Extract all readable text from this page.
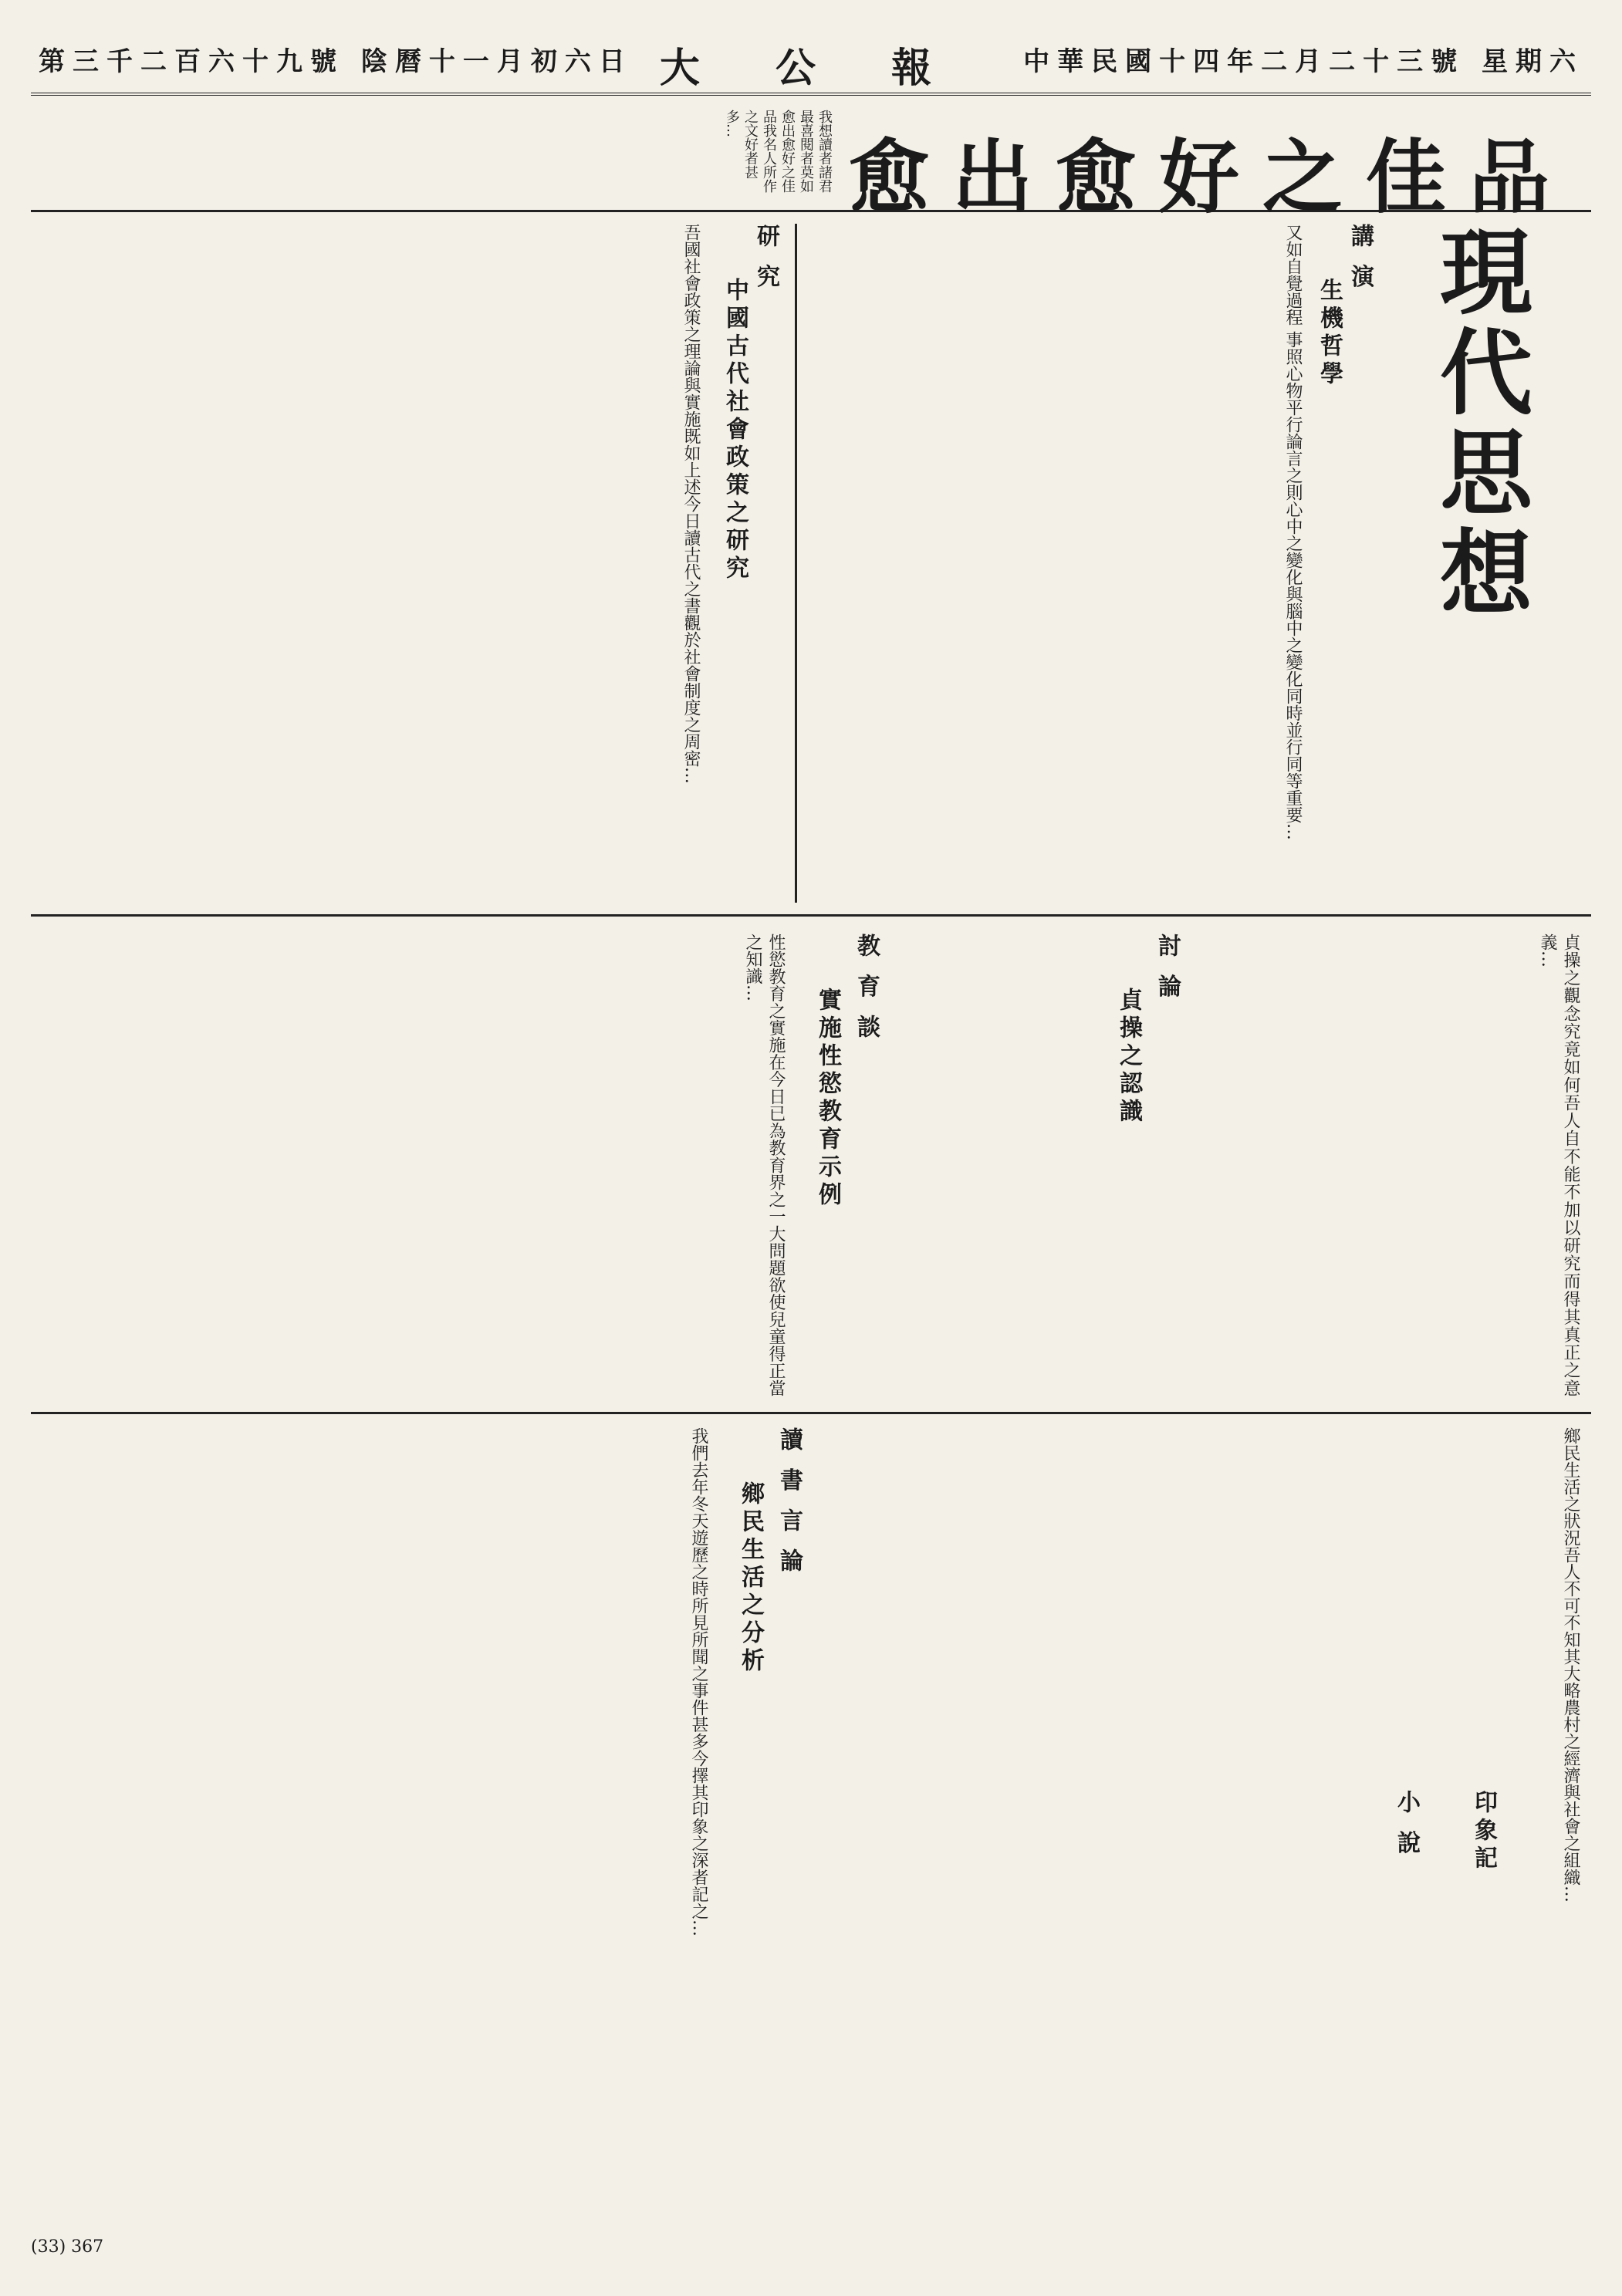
中華民國十四年二月二十三號 星期六
大 公 報
第三千二百六十九號 陰曆十一月初六日
愈出愈好之佳品
我想讀者諸君最喜閱者莫如愈出愈好之佳品我名人所作之文好者甚多…
現代思想
講 演
生機哲學
又如自覺過程 事照心物平行論言之則心中之變化與腦中之變化同時並行同等重要…
研 究
中國古代社會政策之研究
吾國社會政策之理論與實施既如上述今日讀古代之書觀於社會制度之周密…
討 論
貞操之認識	貞操之觀念究竟如何吾人自不能不加以研究而得其真正之意義…
教 育 談
實施性慾教育示例
性慾教育之實施在今日已為教育界之一大問題欲使兒童得正當之知識…
讀 書 言 論
鄉民生活之分析	鄉民生活之狀況吾人不可不知其大略農村之經濟與社會之組織…
小 說 印象記
我們去年冬天遊歷之時所見所聞之事件甚多今擇其印象之深者記之…
(33) 367
